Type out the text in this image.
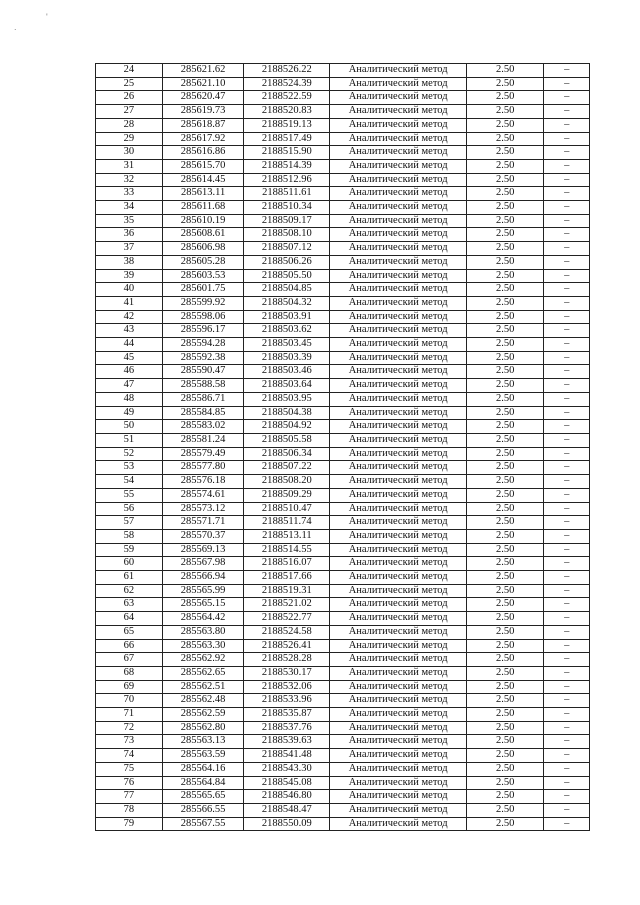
.
'
24	285621.62	2188526.22	Аналитический метод	2.50	–
25	285621.10	2188524.39	Аналитический метод	2.50	–
26	285620.47	2188522.59	Аналитический метод	2.50	–
27	285619.73	2188520.83	Аналитический метод	2.50	–
28	285618.87	2188519.13	Аналитический метод	2.50	–
29	285617.92	2188517.49	Аналитический метод	2.50	–
30	285616.86	2188515.90	Аналитический метод	2.50	–
31	285615.70	2188514.39	Аналитический метод	2.50	–
32	285614.45	2188512.96	Аналитический метод	2.50	–
33	285613.11	2188511.61	Аналитический метод	2.50	–
34	285611.68	2188510.34	Аналитический метод	2.50	–
35	285610.19	2188509.17	Аналитический метод	2.50	–
36	285608.61	2188508.10	Аналитический метод	2.50	–
37	285606.98	2188507.12	Аналитический метод	2.50	–
38	285605.28	2188506.26	Аналитический метод	2.50	–
39	285603.53	2188505.50	Аналитический метод	2.50	–
40	285601.75	2188504.85	Аналитический метод	2.50	–
41	285599.92	2188504.32	Аналитический метод	2.50	–
42	285598.06	2188503.91	Аналитический метод	2.50	–
43	285596.17	2188503.62	Аналитический метод	2.50	–
44	285594.28	2188503.45	Аналитический метод	2.50	–
45	285592.38	2188503.39	Аналитический метод	2.50	–
46	285590.47	2188503.46	Аналитический метод	2.50	–
47	285588.58	2188503.64	Аналитический метод	2.50	–
48	285586.71	2188503.95	Аналитический метод	2.50	–
49	285584.85	2188504.38	Аналитический метод	2.50	–
50	285583.02	2188504.92	Аналитический метод	2.50	–
51	285581.24	2188505.58	Аналитический метод	2.50	–
52	285579.49	2188506.34	Аналитический метод	2.50	–
53	285577.80	2188507.22	Аналитический метод	2.50	–
54	285576.18	2188508.20	Аналитический метод	2.50	–
55	285574.61	2188509.29	Аналитический метод	2.50	–
56	285573.12	2188510.47	Аналитический метод	2.50	–
57	285571.71	2188511.74	Аналитический метод	2.50	–
58	285570.37	2188513.11	Аналитический метод	2.50	–
59	285569.13	2188514.55	Аналитический метод	2.50	–
60	285567.98	2188516.07	Аналитический метод	2.50	–
61	285566.94	2188517.66	Аналитический метод	2.50	–
62	285565.99	2188519.31	Аналитический метод	2.50	–
63	285565.15	2188521.02	Аналитический метод	2.50	–
64	285564.42	2188522.77	Аналитический метод	2.50	–
65	285563.80	2188524.58	Аналитический метод	2.50	–
66	285563.30	2188526.41	Аналитический метод	2.50	–
67	285562.92	2188528.28	Аналитический метод	2.50	–
68	285562.65	2188530.17	Аналитический метод	2.50	–
69	285562.51	2188532.06	Аналитический метод	2.50	–
70	285562.48	2188533.96	Аналитический метод	2.50	–
71	285562.59	2188535.87	Аналитический метод	2.50	–
72	285562.80	2188537.76	Аналитический метод	2.50	–
73	285563.13	2188539.63	Аналитический метод	2.50	–
74	285563.59	2188541.48	Аналитический метод	2.50	–
75	285564.16	2188543.30	Аналитический метод	2.50	–
76	285564.84	2188545.08	Аналитический метод	2.50	–
77	285565.65	2188546.80	Аналитический метод	2.50	–
78	285566.55	2188548.47	Аналитический метод	2.50	–
79	285567.55	2188550.09	Аналитический метод	2.50	–
